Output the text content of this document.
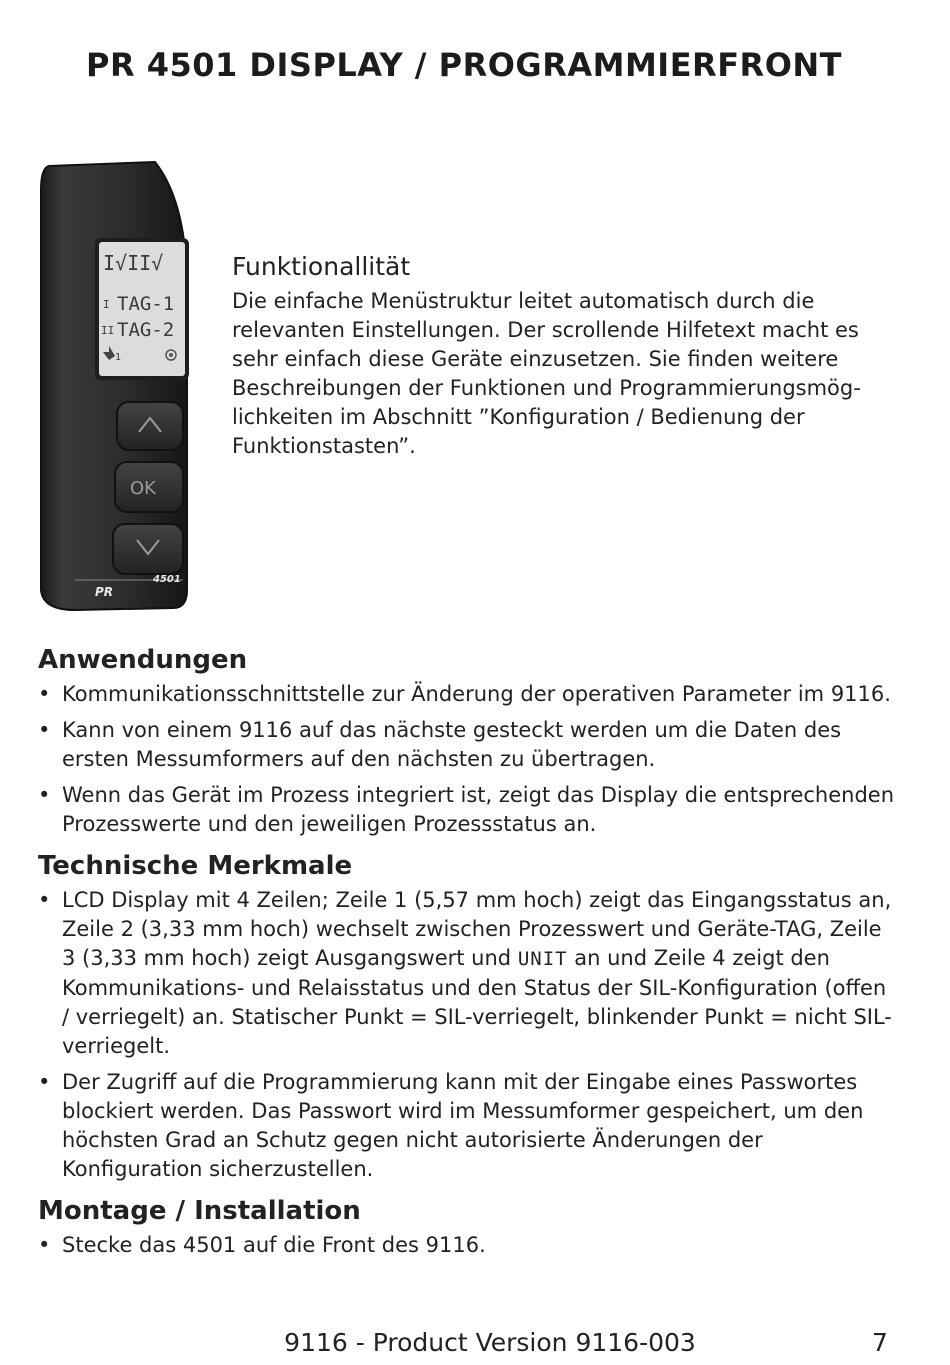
PR 4501 DISPLAY / PROGRAMMIERFRONT
I√II√
I TAG-1
II TAG-2
1
OK
PR
4501
Funktionallität

Die einfache Menüstruktur leitet automatisch durch die relevanten Einstellungen. Der scrollende Hilfetext macht es sehr einfach diese Geräte einzusetzen. Sie finden weitere Beschreibungen der Funktionen und Programmierungsmög-lichkeiten im Abschnitt ”Konfiguration / Bedienung der Funktionstasten”.

Anwendungen
• Kommunikationsschnittstelle zur Änderung der operativen Parameter im 9116.
• Kann von einem 9116 auf das nächste gesteckt werden um die Daten des ersten Messumformers auf den nächsten zu übertragen.
• Wenn das Gerät im Prozess integriert ist, zeigt das Display die entsprechenden Prozesswerte und den jeweiligen Prozessstatus an.
Technische Merkmale
• LCD Display mit 4 Zeilen; Zeile 1 (5,57 mm hoch) zeigt das Eingangsstatus an, Zeile 2 (3,33 mm hoch) wechselt zwischen Prozesswert und Geräte-TAG, Zeile 3 (3,33 mm hoch) zeigt Ausgangswert und UNIT an und Zeile 4 zeigt den Kommunikations- und Relaisstatus und den Status der SIL-Konfiguration (offen / verriegelt) an. Statischer Punkt = SIL-verriegelt, blinkender Punkt = nicht SIL-verriegelt.
• Der Zugriff auf die Programmierung kann mit der Eingabe eines Passwortes blockiert werden. Das Passwort wird im Messumformer gespeichert, um den höchsten Grad an Schutz gegen nicht autorisierte Änderungen der Konfiguration sicherzustellen.
Montage / Installation
• Stecke das 4501 auf die Front des 9116.
9116 - Product Version 9116-003	7
